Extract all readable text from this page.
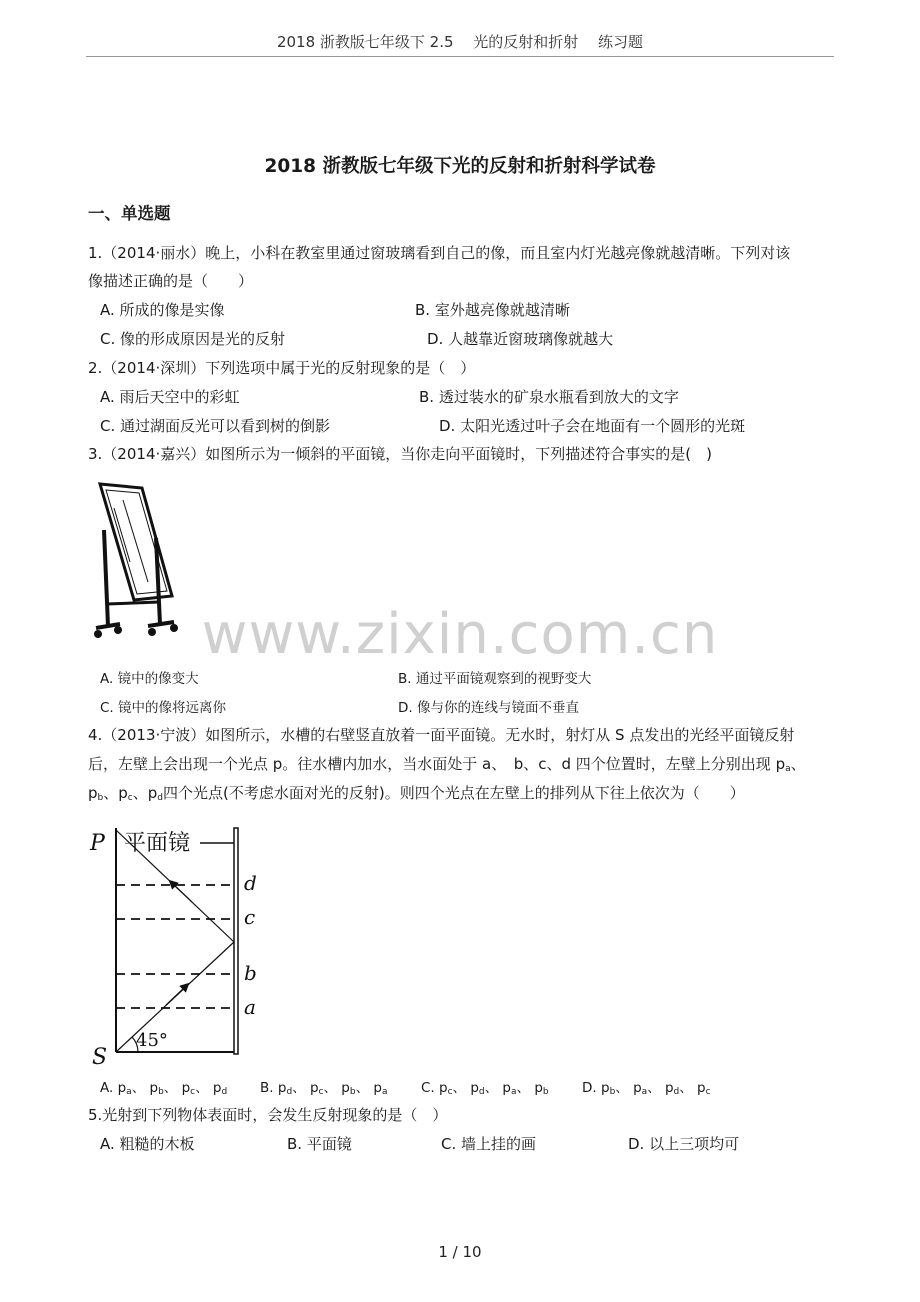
2018 浙教版七年级下 2.5　 光的反射和折射　 练习题
2018 浙教版七年级下光的反射和折射科学试卷
一、单选题
1.（2014·丽水）晚上，小科在教室里通过窗玻璃看到自己的像，而且室内灯光越亮像就越清晰。下列对该
像描述正确的是（　　）
A. 所成的像是实像	B. 室外越亮像就越清晰
C. 像的形成原因是光的反射	D. 人越靠近窗玻璃像就越大
2.（2014·深圳）下列选项中属于光的反射现象的是（　）
A. 雨后天空中的彩虹	B. 透过装水的矿泉水瓶看到放大的文字
C. 通过湖面反光可以看到树的倒影	D. 太阳光透过叶子会在地面有一个圆形的光斑
3.（2014·嘉兴）如图所示为一倾斜的平面镜，当你走向平面镜时，下列描述符合事实的是(　)
www.zixin.com.cn
A. 镜中的像变大	B. 通过平面镜观察到的视野变大
C. 镜中的像将远离你	D. 像与你的连线与镜面不垂直
4.（2013·宁波）如图所示，水槽的右壁竖直放着一面平面镜。无水时，射灯从 S 点发出的光经平面镜反射
后，左壁上会出现一个光点 p。往水槽内加水，当水面处于 a、　b、c、d 四个位置时，左壁上分别出现 $p_a$、
$p_b$、$p_c$、$p_d$四个光点(不考虑水面对光的反射)。则四个光点在左壁上的排列从下往上依次为（　　）
P 平面镜
d
c
b
a
45°
S
A. $p_a$、 $p_b$、 $p_c$、 $p_d$ B. $p_d$、 $p_c$、 $p_b$、 $p_a$ C. $p_c$、 $p_d$、 $p_a$、 $p_b$ D. $p_b$、 $p_a$、 $p_d$、 $p_c$
5.光射到下列物体表面时，会发生反射现象的是（　）
A. 粗糙的木板	B. 平面镜	C. 墙上挂的画	D. 以上三项均可
1 / 10
